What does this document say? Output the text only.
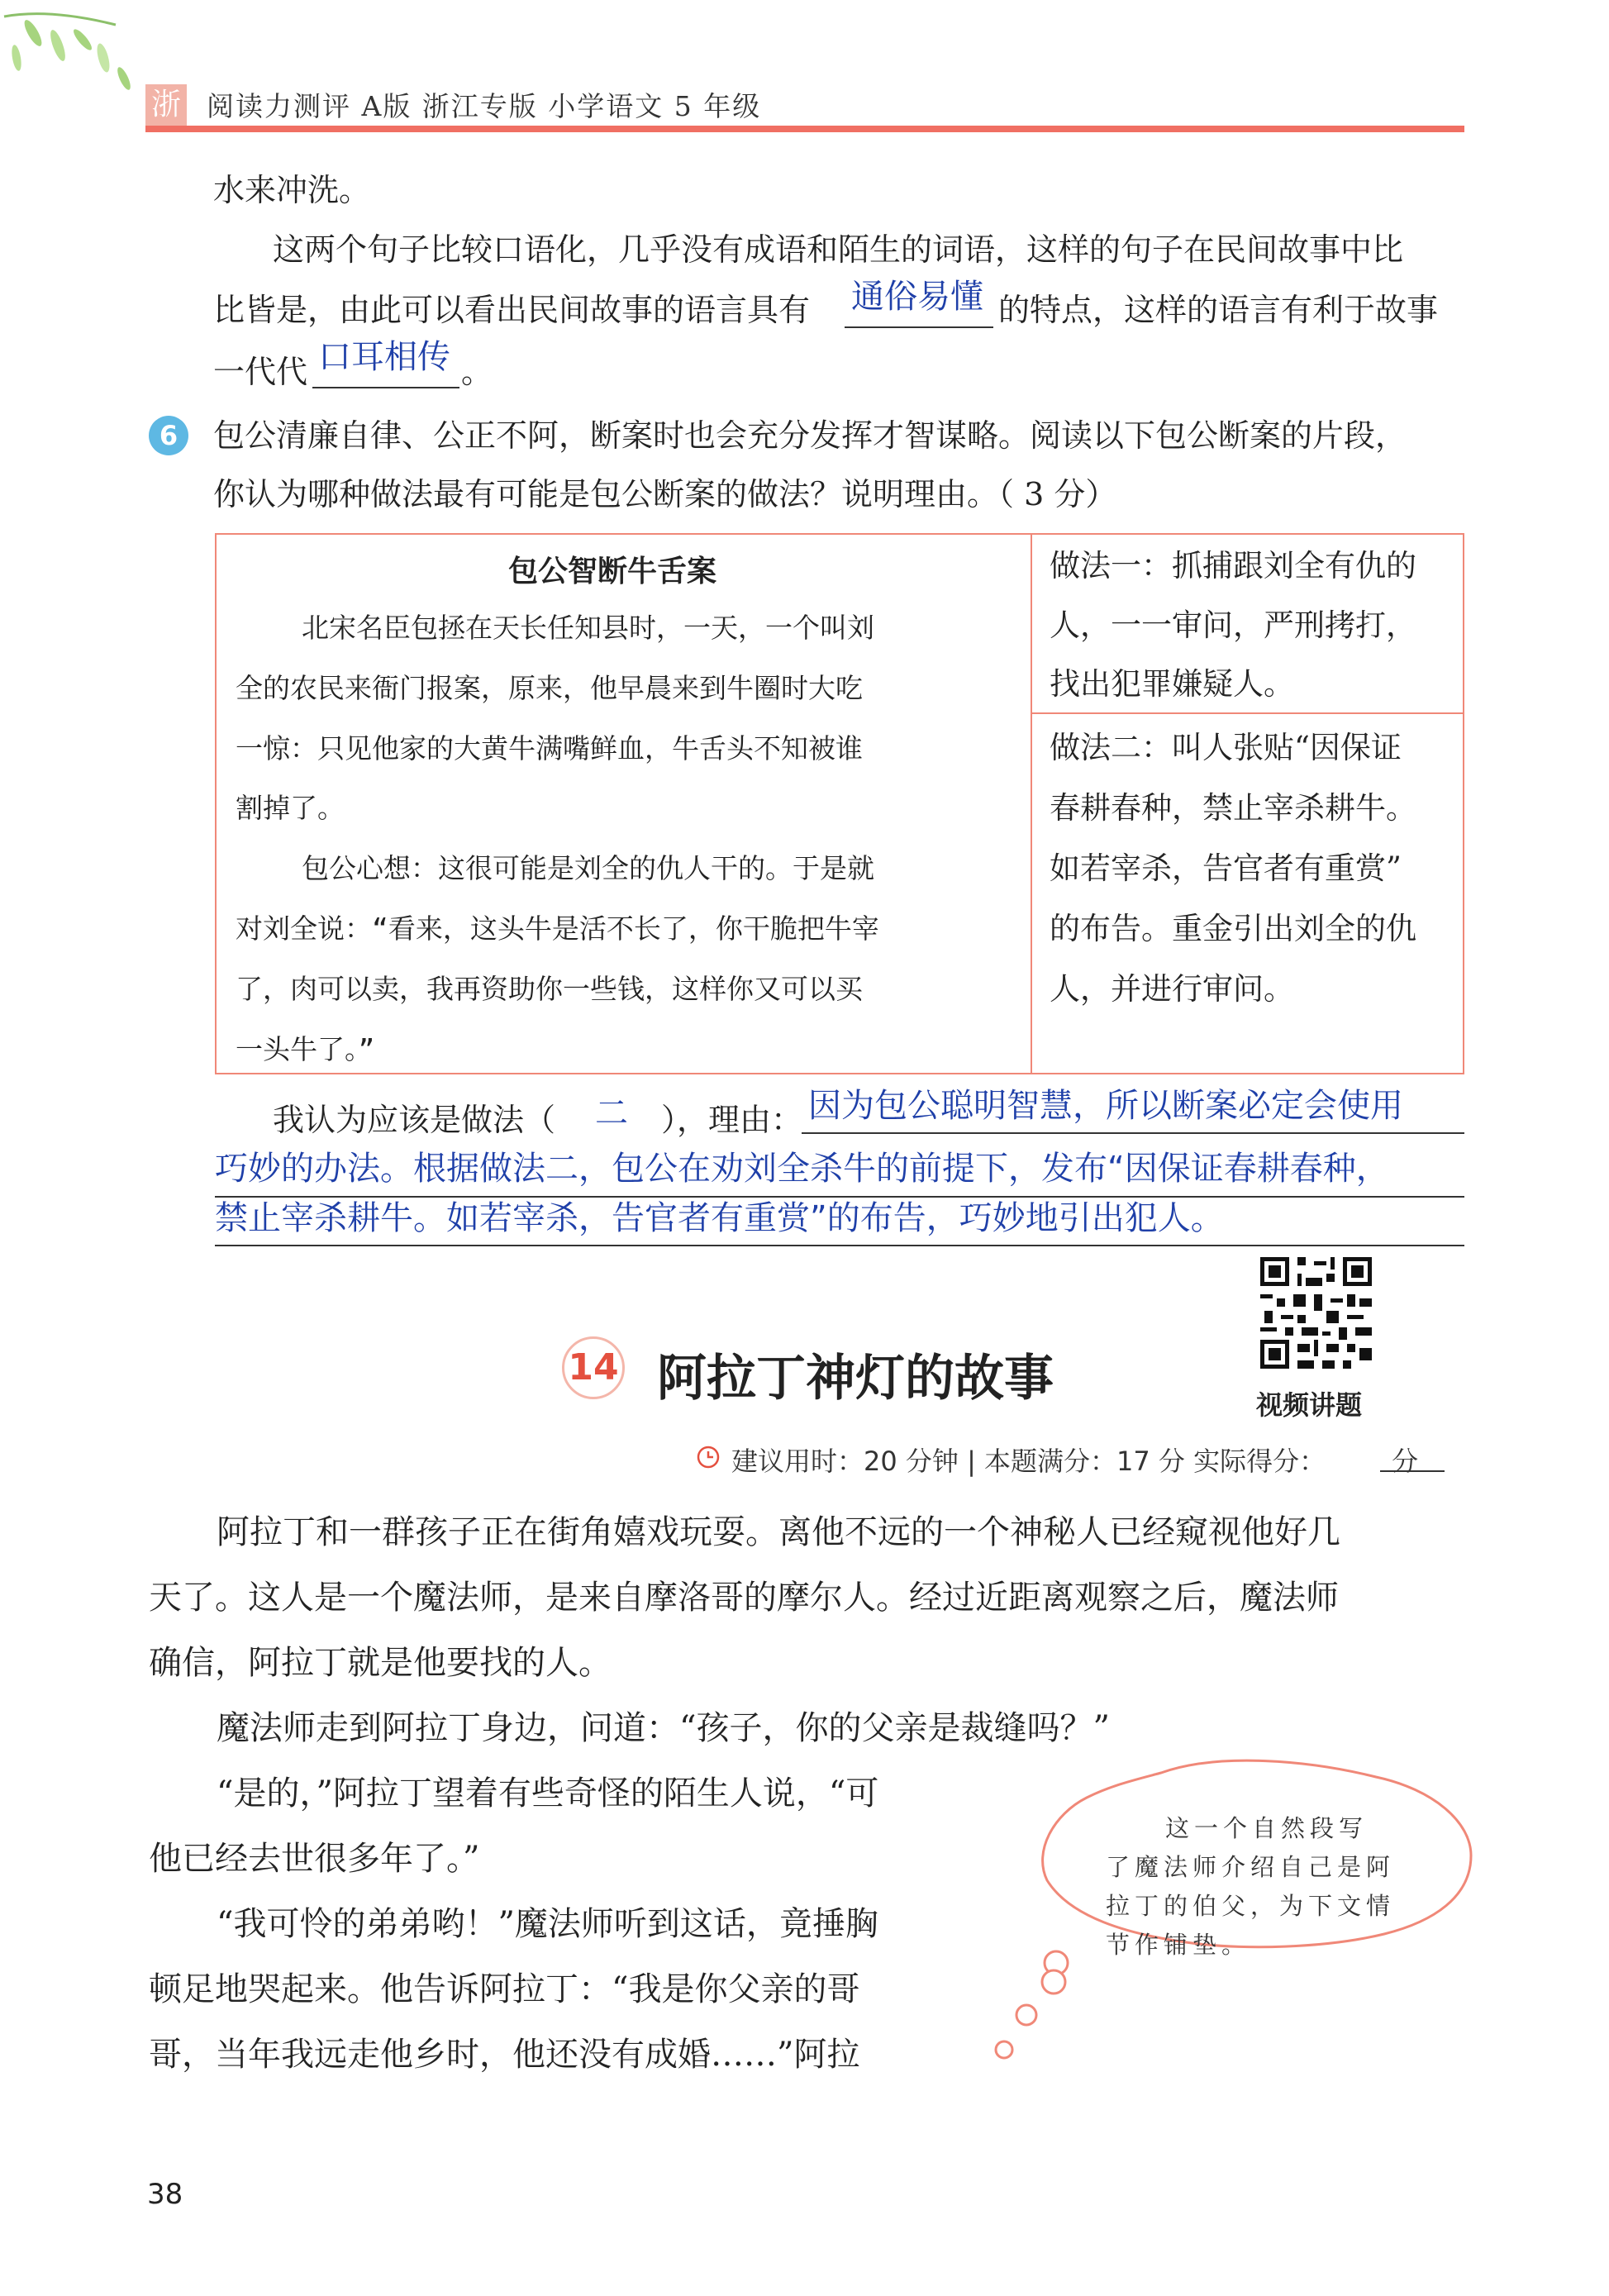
浙 阅读力测评 A版 浙江专版 小学语文 5 年级
水来冲洗。
这两个句子比较口语化，几乎没有成语和陌生的词语，这样的句子在民间故事中比
比皆是，由此可以看出民间故事的语言具有 通俗易懂 的特点，这样的语言有利于故事
一代代 口耳相传 。
6	包公清廉自律、公正不阿，断案时也会充分发挥才智谋略。阅读以下包公断案的片段，
你认为哪种做法最有可能是包公断案的做法？说明理由。（ 3 分）
包公智断牛舌案
北宋名臣包拯在天长任知县时，一天，一个叫刘
全的农民来衙门报案，原来，他早晨来到牛圈时大吃
一惊：只见他家的大黄牛满嘴鲜血，牛舌头不知被谁
割掉了。
包公心想：这很可能是刘全的仇人干的。于是就
对刘全说：“看来，这头牛是活不长了，你干脆把牛宰
了，肉可以卖，我再资助你一些钱，这样你又可以买
一头牛了。”
做法一：抓捕跟刘全有仇的
人，一一审问，严刑拷打，
找出犯罪嫌疑人。
做法二：叫人张贴“因保证
春耕春种，禁止宰杀耕牛。
如若宰杀，告官者有重赏”
的布告。重金引出刘全的仇
人，并进行审问。
我认为应该是做法（ 二 ），理由： 因为包公聪明智慧，所以断案必定会使用
巧妙的办法。根据做法二，包公在劝刘全杀牛的前提下，发布“因保证春耕春种，
禁止宰杀耕牛。如若宰杀，告官者有重赏”的布告，巧妙地引出犯人。
视频讲题
14 阿拉丁神灯的故事
建议用时：20 分钟 | 本题满分：17 分 实际得分：	分
阿拉丁和一群孩子正在街角嬉戏玩耍。离他不远的一个神秘人已经窥视他好几
天了。这人是一个魔法师，是来自摩洛哥的摩尔人。经过近距离观察之后，魔法师
确信，阿拉丁就是他要找的人。
魔法师走到阿拉丁身边，问道：“孩子，你的父亲是裁缝吗？”
“是的，”阿拉丁望着有些奇怪的陌生人说，“可
他已经去世很多年了。”
“我可怜的弟弟哟！”魔法师听到这话，竟捶胸
顿足地哭起来。他告诉阿拉丁：“我是你父亲的哥
哥，当年我远走他乡时，他还没有成婚……”阿拉
这一个自然段写
了魔法师介绍自己是阿
拉丁的伯父，为下文情
节作铺垫。
38
